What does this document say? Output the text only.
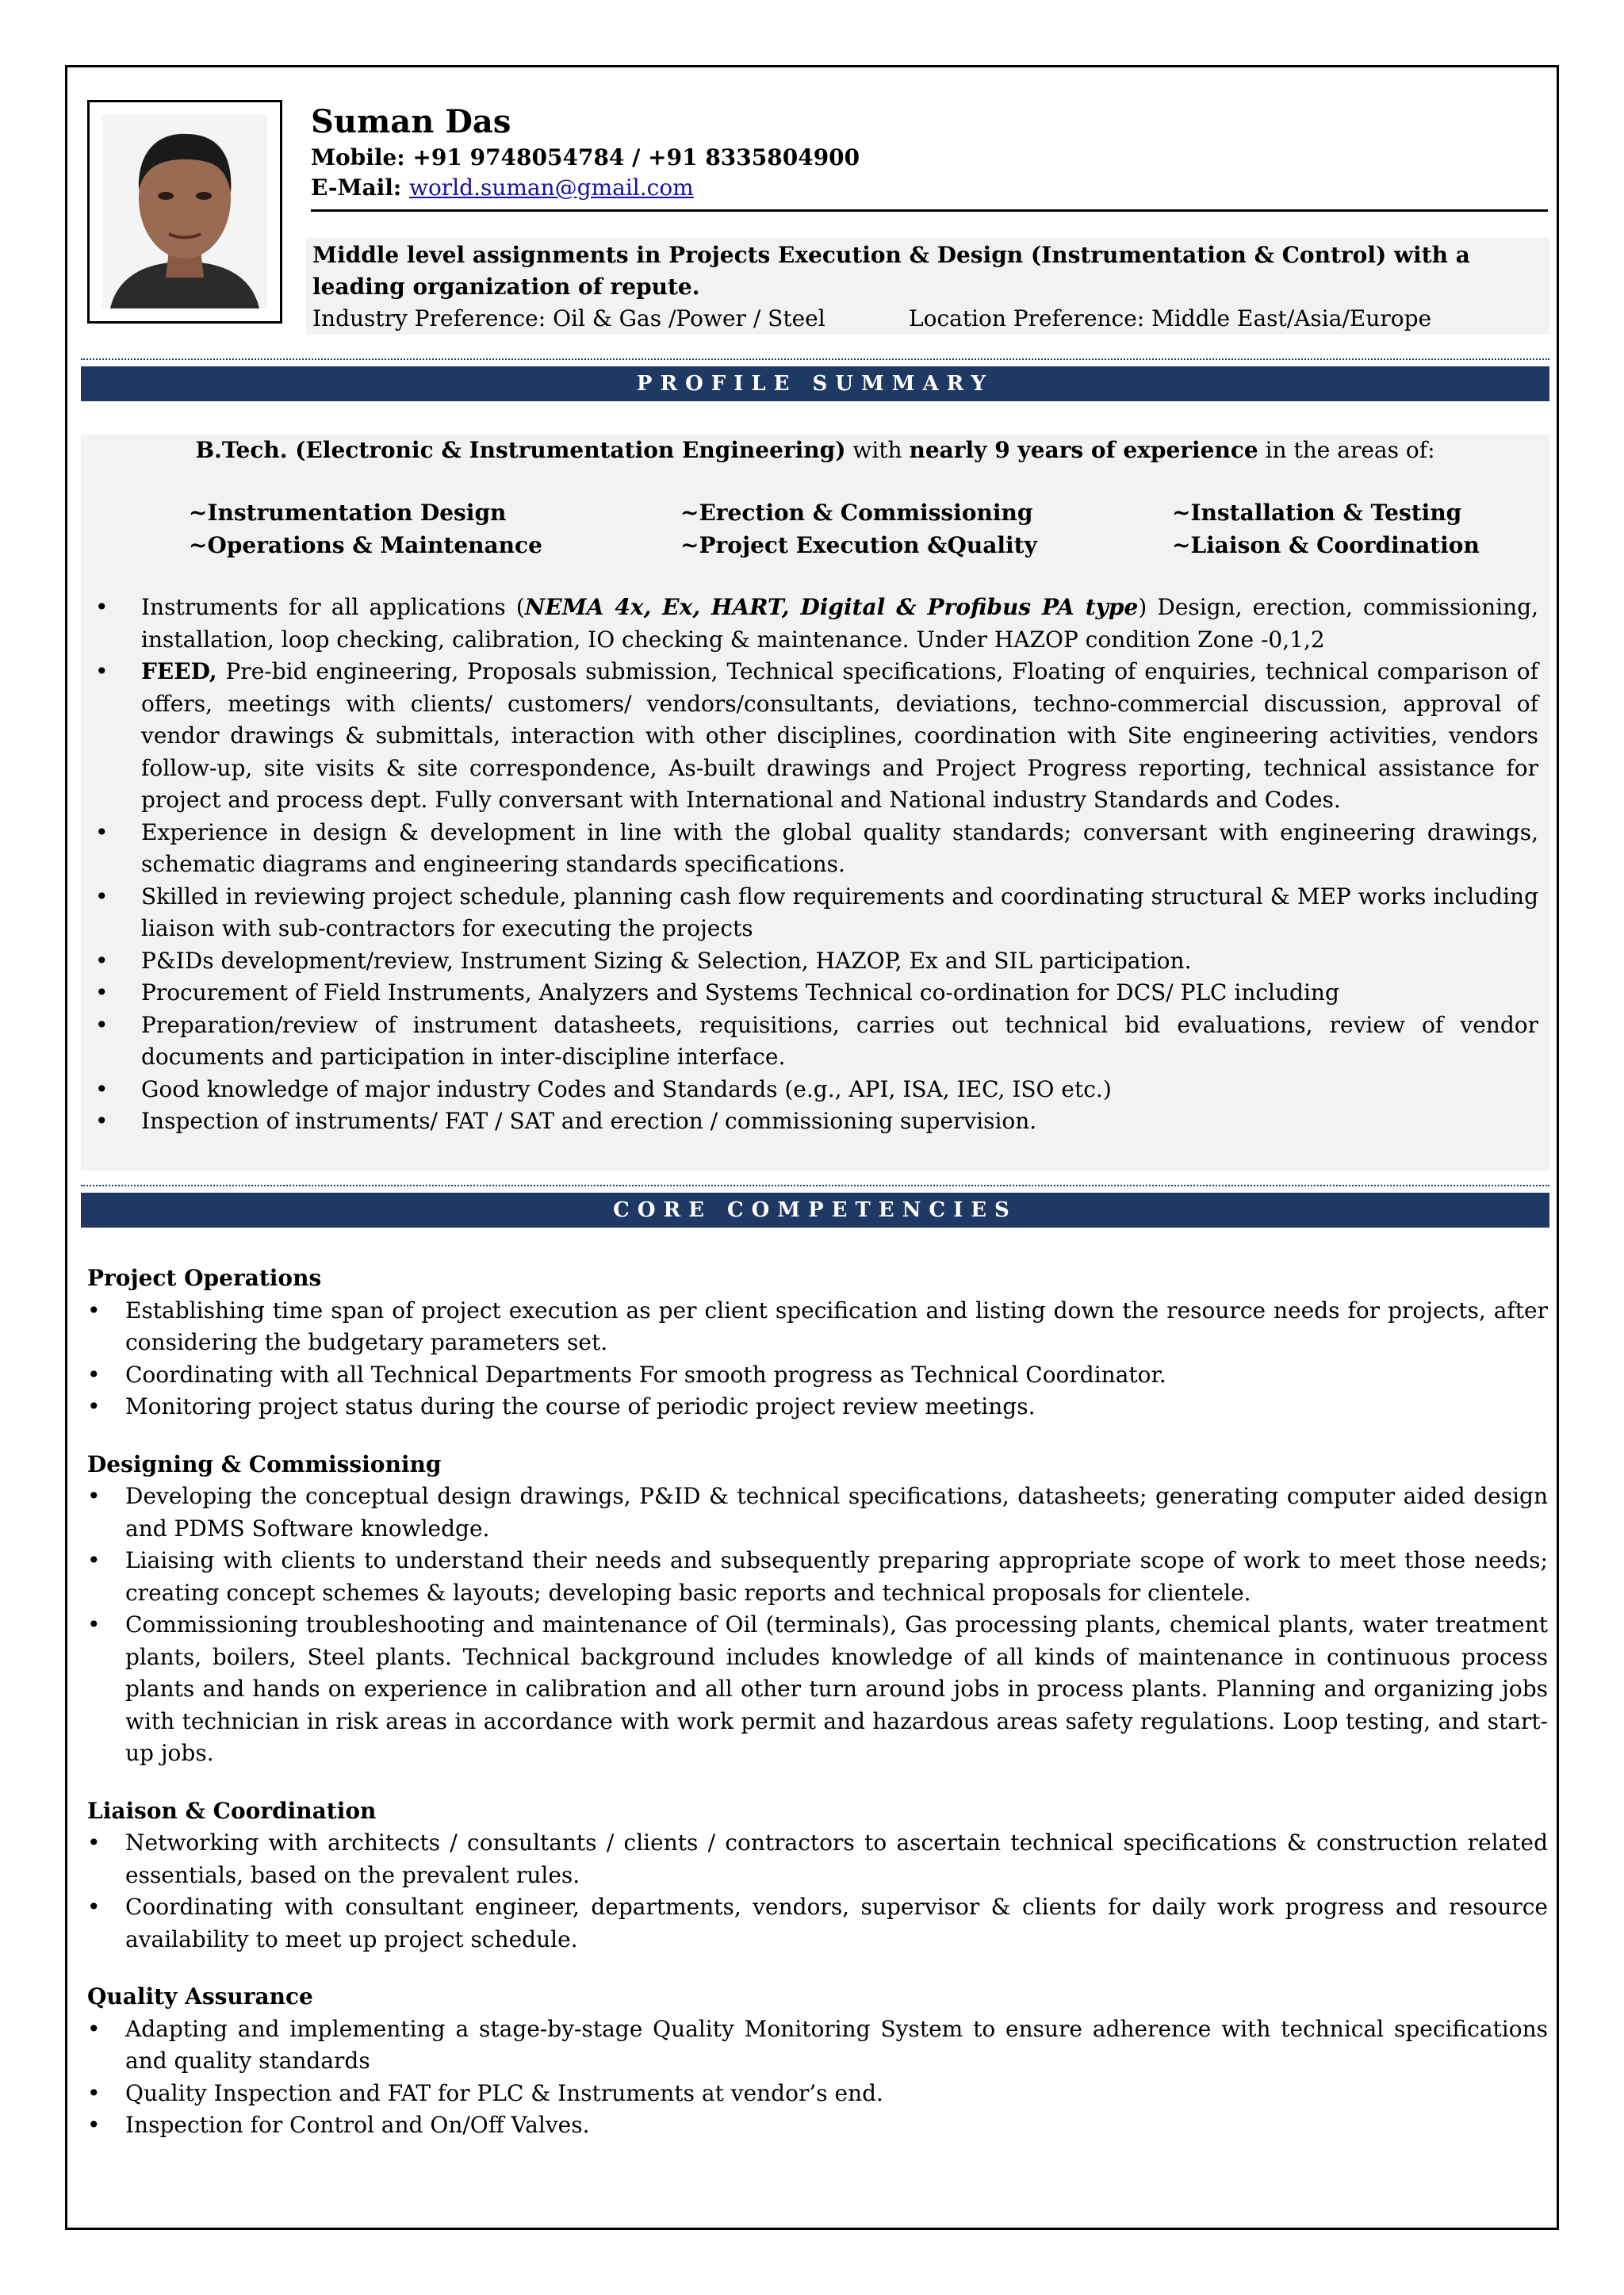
Suman Das
Mobile: +91 9748054784 / +91 8335804900
E-Mail: world.suman@gmail.com
Middle level assignments in Projects Execution & Design (Instrumentation & Control) with a leading organization of repute.
Industry Preference: Oil & Gas /Power / Steel	Location Preference: Middle East/Asia/Europe
PROFILE SUMMARY
B.Tech. (Electronic & Instrumentation Engineering) with nearly 9 years of experience in the areas of:
~Instrumentation Design	~Erection & Commissioning	~Installation & Testing
~Operations & Maintenance	~Project Execution &Quality	~Liaison & Coordination
• Instruments for all applications (NEMA 4x, Ex, HART, Digital & Profibus PA type) Design, erection, commissioning, installation, loop checking, calibration, IO checking & maintenance. Under HAZOP condition Zone -0,1,2
• FEED, Pre-bid engineering, Proposals submission, Technical specifications, Floating of enquiries, technical comparison of offers, meetings with clients/ customers/ vendors/consultants, deviations, techno-commercial discussion, approval of vendor drawings & submittals, interaction with other disciplines, coordination with Site engineering activities, vendors follow-up, site visits & site correspondence, As-built drawings and Project Progress reporting, technical assistance for project and process dept. Fully conversant with International and National industry Standards and Codes.
• Experience in design & development in line with the global quality standards; conversant with engineering drawings, schematic diagrams and engineering standards specifications.
• Skilled in reviewing project schedule, planning cash flow requirements and coordinating structural & MEP works including liaison with sub-contractors for executing the projects
• P&IDs development/review, Instrument Sizing & Selection, HAZOP, Ex and SIL participation.
• Procurement of Field Instruments, Analyzers and Systems Technical co-ordination for DCS/ PLC including
• Preparation/review of instrument datasheets, requisitions, carries out technical bid evaluations, review of vendor documents and participation in inter-discipline interface.
• Good knowledge of major industry Codes and Standards (e.g., API, ISA, IEC, ISO etc.)
• Inspection of instruments/ FAT / SAT and erection / commissioning supervision.
CORE COMPETENCIES
Project Operations
• Establishing time span of project execution as per client specification and listing down the resource needs for projects, after considering the budgetary parameters set.
• Coordinating with all Technical Departments For smooth progress as Technical Coordinator.
• Monitoring project status during the course of periodic project review meetings.
Designing & Commissioning
• Developing the conceptual design drawings, P&ID & technical specifications, datasheets; generating computer aided design and PDMS Software knowledge.
• Liaising with clients to understand their needs and subsequently preparing appropriate scope of work to meet those needs; creating concept schemes & layouts; developing basic reports and technical proposals for clientele.
• Commissioning troubleshooting and maintenance of Oil (terminals), Gas processing plants, chemical plants, water treatment plants, boilers, Steel plants. Technical background includes knowledge of all kinds of maintenance in continuous process plants and hands on experience in calibration and all other turn around jobs in process plants. Planning and organizing jobs with technician in risk areas in accordance with work permit and hazardous areas safety regulations. Loop testing, and start-up jobs.
Liaison & Coordination
• Networking with architects / consultants / clients / contractors to ascertain technical specifications & construction related essentials, based on the prevalent rules.
• Coordinating with consultant engineer, departments, vendors, supervisor & clients for daily work progress and resource availability to meet up project schedule.
Quality Assurance
• Adapting and implementing a stage-by-stage Quality Monitoring System to ensure adherence with technical specifications and quality standards
• Quality Inspection and FAT for PLC & Instruments at vendor’s end.
• Inspection for Control and On/Off Valves.
